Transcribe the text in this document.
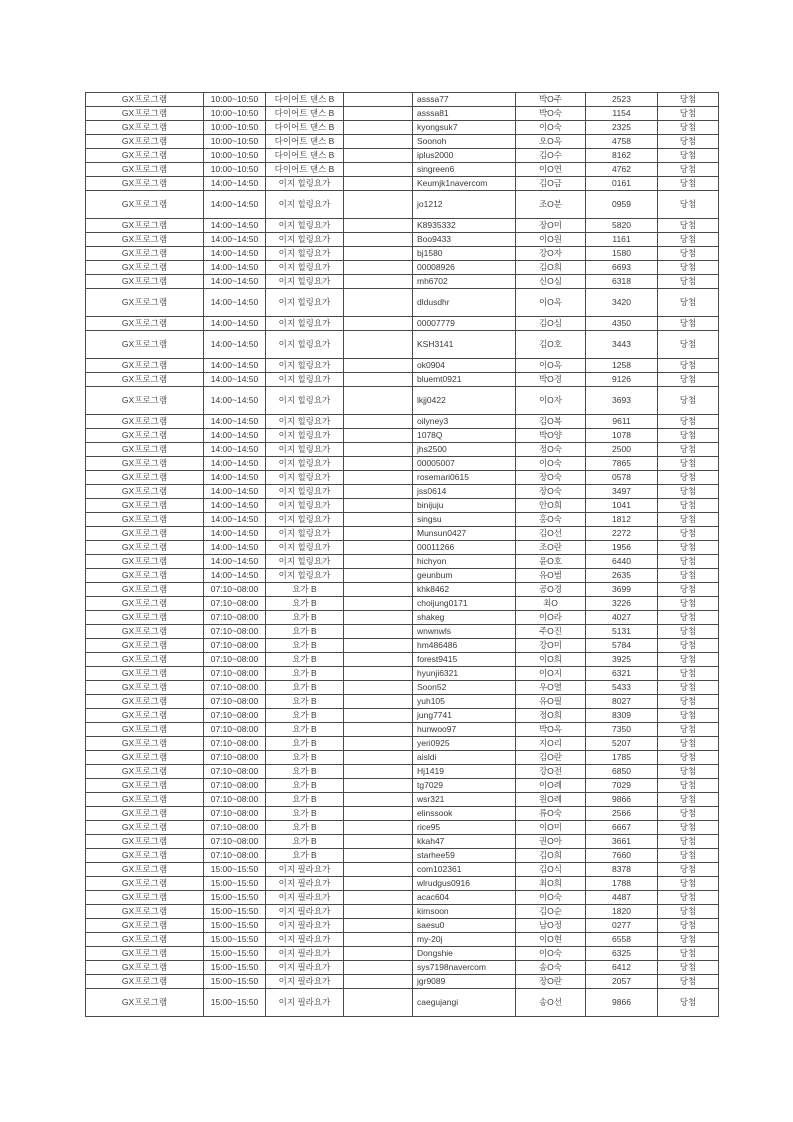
GX프로그램	10:00~10:50	다이어트 댄스 B		asssa77	박O주	2523	당첨
GX프로그램	10:00~10:50	다이어트 댄스 B		asssa81	박O숙	1154	당첨
GX프로그램	10:00~10:50	다이어트 댄스 B		kyongsuk7	이O숙	2325	당첨
GX프로그램	10:00~10:50	다이어트 댄스 B		Soonoh	오O옥	4758	당첨
GX프로그램	10:00~10:50	다이어트 댄스 B		iplus2000	김O수	8162	당첨
GX프로그램	10:00~10:50	다이어트 댄스 B		singreen6	이O연	4762	당첨
GX프로그램	14:00~14:50	이지 힐링요가		Keumjk1navercom	김O금	0161	당첨
GX프로그램	14:00~14:50	이지 힐링요가		jo1212	조O분	0959	당첨
GX프로그램	14:00~14:50	이지 힐링요가		K8935332	장O미	5820	당첨
GX프로그램	14:00~14:50	이지 힐링요가		Boo9433	이O원	1161	당첨
GX프로그램	14:00~14:50	이지 힐링요가		bj1580	강O자	1580	당첨
GX프로그램	14:00~14:50	이지 힐링요가		00008926	김O희	6693	당첨
GX프로그램	14:00~14:50	이지 힐링요가		mh6702	신O심	6318	당첨
GX프로그램	14:00~14:50	이지 힐링요가		dldusdhr	이O옥	3420	당첨
GX프로그램	14:00~14:50	이지 힐링요가		00007779	김O심	4350	당첨
GX프로그램	14:00~14:50	이지 힐링요가		KSH3141	김O호	3443	당첨
GX프로그램	14:00~14:50	이지 힐링요가		ok0904	이O옥	1258	당첨
GX프로그램	14:00~14:50	이지 힐링요가		bluemt0921	박O경	9126	당첨
GX프로그램	14:00~14:50	이지 힐링요가		lkjj0422	이O자	3693	당첨
GX프로그램	14:00~14:50	이지 힐링요가		oilyney3	김O복	9611	당첨
GX프로그램	14:00~14:50	이지 힐링요가		1078Q	박O양	1078	당첨
GX프로그램	14:00~14:50	이지 힐링요가		jhs2500	정O숙	2500	당첨
GX프로그램	14:00~14:50	이지 힐링요가		00005007	이O숙	7865	당첨
GX프로그램	14:00~14:50	이지 힐링요가		rosemari0615	장O숙	0578	당첨
GX프로그램	14:00~14:50	이지 힐링요가		jss0614	장O숙	3497	당첨
GX프로그램	14:00~14:50	이지 힐링요가		binijuju	안O희	1041	당첨
GX프로그램	14:00~14:50	이지 힐링요가		singsu	홍O숙	1812	당첨
GX프로그램	14:00~14:50	이지 힐링요가		Munsun0427	김O선	2272	당첨
GX프로그램	14:00~14:50	이지 힐링요가		00011266	조O란	1956	당첨
GX프로그램	14:00~14:50	이지 힐링요가		hichyon	윤O호	6440	당첨
GX프로그램	14:00~14:50	이지 힐링요가		geunbum	유O범	2635	당첨
GX프로그램	07:10~08:00	요가 B		khk8462	공O경	3699	당첨
GX프로그램	07:10~08:00	요가 B		choijung0171	최O	3226	당첨
GX프로그램	07:10~08:00	요가 B		shakeg	이O라	4027	당첨
GX프로그램	07:10~08:00	요가 B		wnwnwls	주O진	5131	당첨
GX프로그램	07:10~08:00	요가 B		hm486486	강O미	5784	당첨
GX프로그램	07:10~08:00	요가 B		forest9415	이O희	3925	당첨
GX프로그램	07:10~08:00	요가 B		hyunji6321	이O지	6321	당첨
GX프로그램	07:10~08:00	요가 B		Soon52	우O열	5433	당첨
GX프로그램	07:10~08:00	요가 B		yuh105	유O필	8027	당첨
GX프로그램	07:10~08:00	요가 B		jung7741	정O희	8309	당첨
GX프로그램	07:10~08:00	요가 B		hunwoo97	박O옥	7350	당첨
GX프로그램	07:10~08:00	요가 B		yeri0925	지O리	5207	당첨
GX프로그램	07:10~08:00	요가 B		aisldi	김O란	1785	당첨
GX프로그램	07:10~08:00	요가 B		Hj1419	강O전	6850	당첨
GX프로그램	07:10~08:00	요가 B		tg7029	이O례	7029	당첨
GX프로그램	07:10~08:00	요가 B		wsr321	원O례	9866	당첨
GX프로그램	07:10~08:00	요가 B		elinssook	류O숙	2566	당첨
GX프로그램	07:10~08:00	요가 B		rice95	이O미	6667	당첨
GX프로그램	07:10~08:00	요가 B		kkah47	권O아	3661	당첨
GX프로그램	07:10~08:00	요가 B		starhee59	김O희	7660	당첨
GX프로그램	15:00~15:50	이지 필라요가		com102361	김O식	8378	당첨
GX프로그램	15:00~15:50	이지 필라요가		wlrudgus0916	최O희	1788	당첨
GX프로그램	15:00~15:50	이지 필라요가		acac604	이O숙	4487	당첨
GX프로그램	15:00~15:50	이지 필라요가		kimsoon	김O순	1820	당첨
GX프로그램	15:00~15:50	이지 필라요가		saesu0	남O정	0277	당첨
GX프로그램	15:00~15:50	이지 필라요가		my-20j	이O현	6558	당첨
GX프로그램	15:00~15:50	이지 필라요가		Dongshie	이O숙	6325	당첨
GX프로그램	15:00~15:50	이지 필라요가		sys7198navercom	송O숙	6412	당첨
GX프로그램	15:00~15:50	이지 필라요가		jgr9089	장O란	2057	당첨
GX프로그램	15:00~15:50	이지 필라요가		caegujangi	송O선	9866	당첨
